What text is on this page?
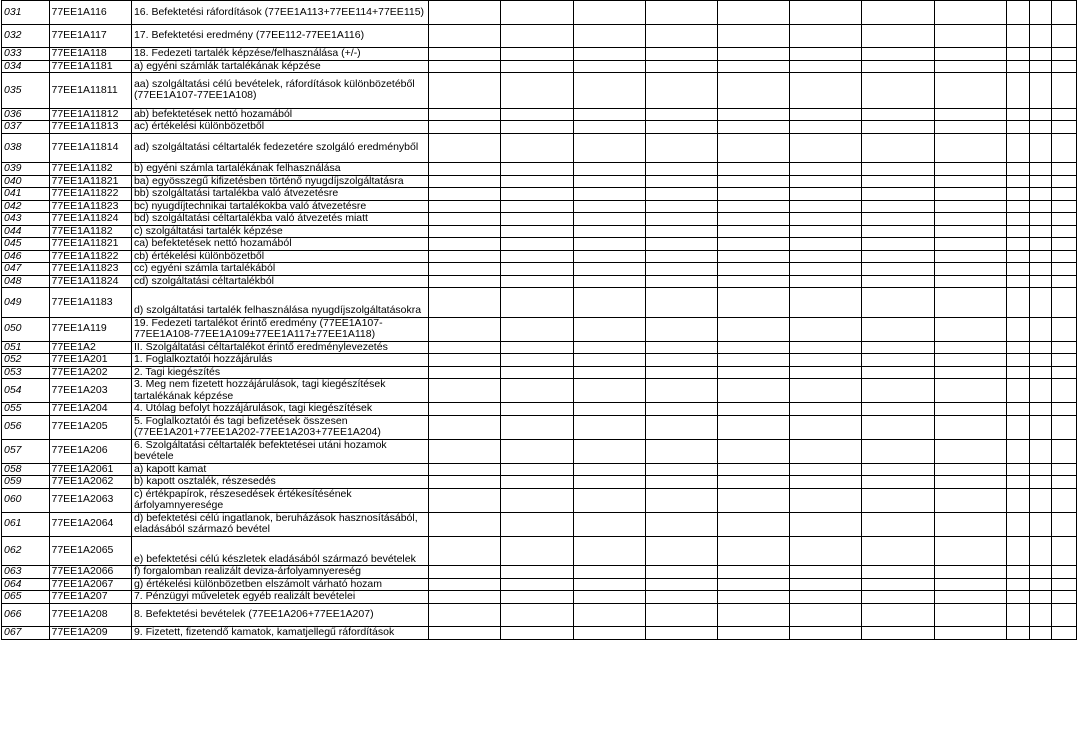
031	77EE1A116	16. Befektetési ráfordítások (77EE1A113+77EE114+77EE115)											
032	77EE1A117	17. Befektetési eredmény (77EE112-77EE1A116)											
033	77EE1A118	18. Fedezeti tartalék képzése/felhasználása (+/-)											
034	77EE1A1181	a) egyéni számlák tartalékának képzése											
035	77EE1A11811	aa) szolgáltatási célú bevételek, ráfordítások különbözetéből (77EE1A107-77EE1A108)											
036	77EE1A11812	ab) befektetések nettó hozamából											
037	77EE1A11813	ac) értékelési különbözetből											
038	77EE1A11814	ad) szolgáltatási céltartalék fedezetére szolgáló eredményből											
039	77EE1A1182	b) egyéni számla tartalékának felhasználása											
040	77EE1A11821	ba) egyösszegű kifizetésben történő nyugdíjszolgáltatásra											
041	77EE1A11822	bb) szolgáltatási tartalékba való átvezetésre											
042	77EE1A11823	bc) nyugdíjtechnikai tartalékokba való átvezetésre											
043	77EE1A11824	bd) szolgáltatási céltartalékba való átvezetés miatt											
044	77EE1A1182	c) szolgáltatási tartalék képzése											
045	77EE1A11821	ca) befektetések nettó hozamából											
046	77EE1A11822	cb) értékelési különbözetből											
047	77EE1A11823	cc) egyéni számla tartalékából											
048	77EE1A11824	cd) szolgáltatási céltartalékból											
049	77EE1A1183	d) szolgáltatási tartalék felhasználása nyugdíjszolgáltatásokra											
050	77EE1A119	19. Fedezeti tartalékot érintő eredmény (77EE1A107-77EE1A108-77EE1A109±77EE1A117±77EE1A118)											
051	77EE1A2	II. Szolgáltatási céltartalékot érintő eredménylevezetés											
052	77EE1A201	1. Foglalkoztatói hozzájárulás											
053	77EE1A202	2. Tagi kiegészítés											
054	77EE1A203	3. Meg nem fizetett hozzájárulások, tagi kiegészítések tartalékának képzése											
055	77EE1A204	4. Utólag befolyt hozzájárulások, tagi kiegészítések											
056	77EE1A205	5. Foglalkoztatói és tagi befizetések összesen (77EE1A201+77EE1A202-77EE1A203+77EE1A204)											
057	77EE1A206	6. Szolgáltatási céltartalék befektetései utáni hozamok bevétele											
058	77EE1A2061	a) kapott kamat											
059	77EE1A2062	b) kapott osztalék, részesedés											
060	77EE1A2063	c) értékpapírok, részesedések értékesítésének árfolyamnyeresége											
061	77EE1A2064	d) befektetési célú ingatlanok, beruházások hasznosításából, eladásából származó bevétel											
062	77EE1A2065	e) befektetési célú készletek eladásából származó bevételek											
063	77EE1A2066	f) forgalomban realizált deviza-árfolyamnyereség											
064	77EE1A2067	g) értékelési különbözetben elszámolt várható hozam											
065	77EE1A207	7. Pénzügyi műveletek egyéb realizált bevételei											
066	77EE1A208	8. Befektetési bevételek (77EE1A206+77EE1A207)											
067	77EE1A209	9. Fizetett, fizetendő kamatok, kamatjellegű ráfordítások											
